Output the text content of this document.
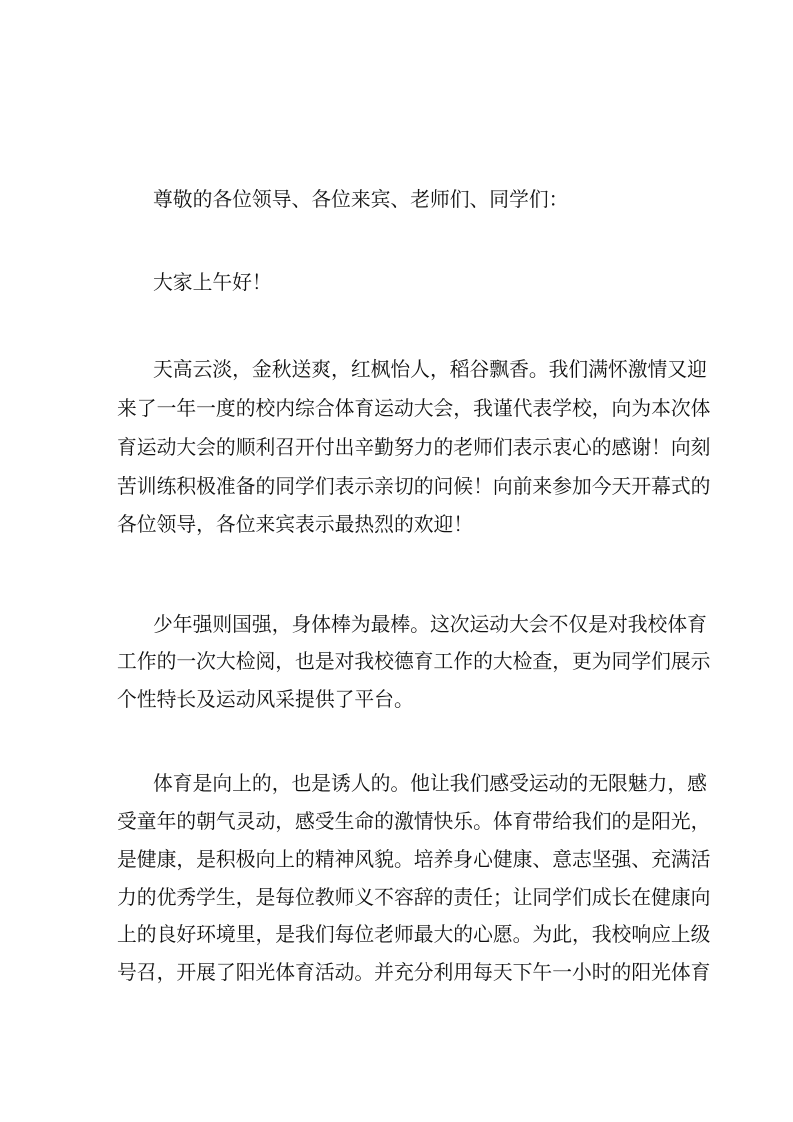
尊敬的各位领导、各位来宾、老师们、同学们：
大家上午好！
天高云淡，金秋送爽，红枫怡人，稻谷飘香。我们满怀激情又迎
来了一年一度的校内综合体育运动大会，我谨代表学校，向为本次体
育运动大会的顺利召开付出辛勤努力的老师们表示衷心的感谢！向刻
苦训练积极准备的同学们表示亲切的问候！向前来参加今天开幕式的
各位领导，各位来宾表示最热烈的欢迎！
少年强则国强，身体棒为最棒。这次运动大会不仅是对我校体育
工作的一次大检阅，也是对我校德育工作的大检查，更为同学们展示
个性特长及运动风采提供了平台。
体育是向上的，也是诱人的。他让我们感受运动的无限魅力，感
受童年的朝气灵动，感受生命的激情快乐。体育带给我们的是阳光，
是健康，是积极向上的精神风貌。培养身心健康、意志坚强、充满活
力的优秀学生，是每位教师义不容辞的责任；让同学们成长在健康向
上的良好环境里，是我们每位老师最大的心愿。为此，我校响应上级
号召，开展了阳光体育活动。并充分利用每天下午一小时的阳光体育
